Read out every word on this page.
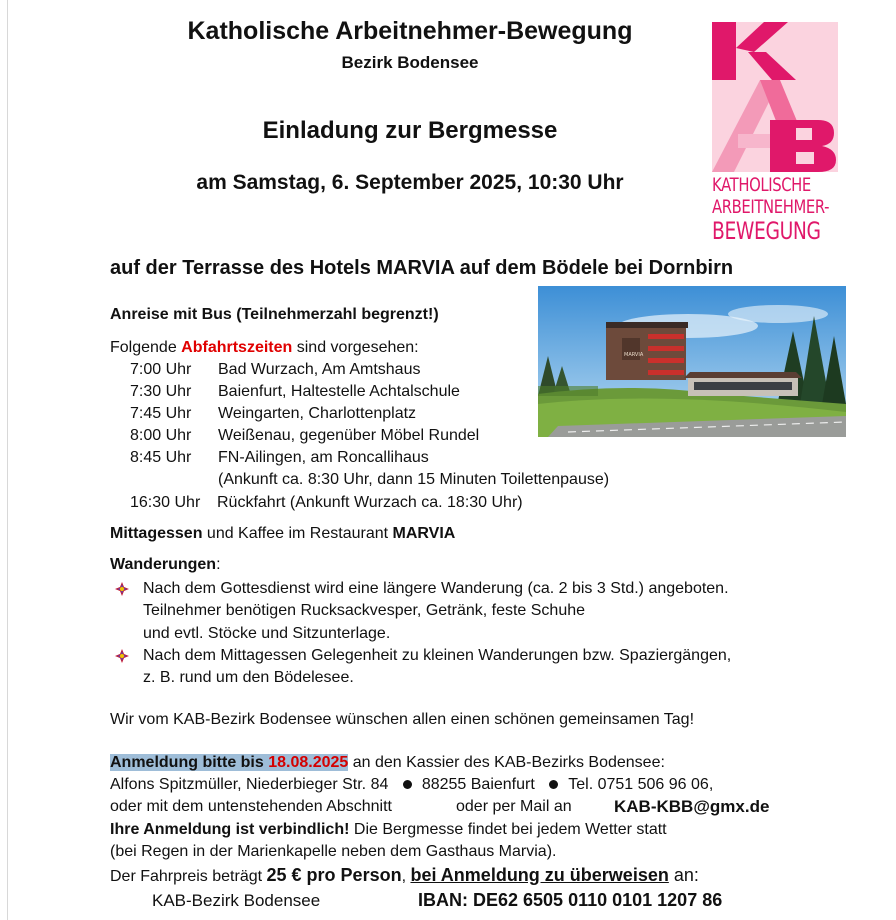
Katholische Arbeitnehmer-Bewegung
Bezirk Bodensee
Einladung zur Bergmesse
am Samstag, 6. September 2025, 10:30 Uhr	KATHOLISCHE
ARBEITNEHMER-
BEWEGUNG
auf der Terrasse des Hotels MARVIA auf dem Bödele bei Dornbirn
MARVIA
Anreise mit Bus (Teilnehmerzahl begrenzt!)
Folgende Abfahrtszeiten sind vorgesehen:
7:00 Uhr Bad Wurzach, Am Amtshaus
7:30 Uhr Baienfurt, Haltestelle Achtalschule
7:45 Uhr Weingarten, Charlottenplatz
8:00 Uhr Weißenau, gegenüber Möbel Rundel
8:45 Uhr FN-Ailingen, am Roncallihaus
(Ankunft ca. 8:30 Uhr, dann 15 Minuten Toilettenpause)
16:30 Uhr Rückfahrt (Ankunft Wurzach ca. 18:30 Uhr)
Mittagessen und Kaffee im Restaurant MARVIA
Wanderungen:
Nach dem Gottesdienst wird eine längere Wanderung (ca. 2 bis 3 Std.) angeboten.
Teilnehmer benötigen Rucksackvesper, Getränk, feste Schuhe
und evtl. Stöcke und Sitzunterlage.
Nach dem Mittagessen Gelegenheit zu kleinen Wanderungen bzw. Spaziergängen,
z. B. rund um den Bödelesee.
Wir vom KAB-Bezirk Bodensee wünschen allen einen schönen gemeinsamen Tag!
Anmeldung bitte bis 18.08.2025 an den Kassier des KAB-Bezirks Bodensee:
Alfons Spitzmüller, Niederbieger Str. 84 88255 Baienfurt Tel. 0751 506 96 06,
oder mit dem untenstehenden Abschnitt	oder per Mail an KAB-KBB@gmx.de
Ihre Anmeldung ist verbindlich! Die Bergmesse findet bei jedem Wetter statt
(bei Regen in der Marienkapelle neben dem Gasthaus Marvia).
Der Fahrpreis beträgt 25 € pro Person, bei Anmeldung zu überweisen an:
KAB-Bezirk Bodensee	IBAN: DE62 6505 0110 0101 1207 86
